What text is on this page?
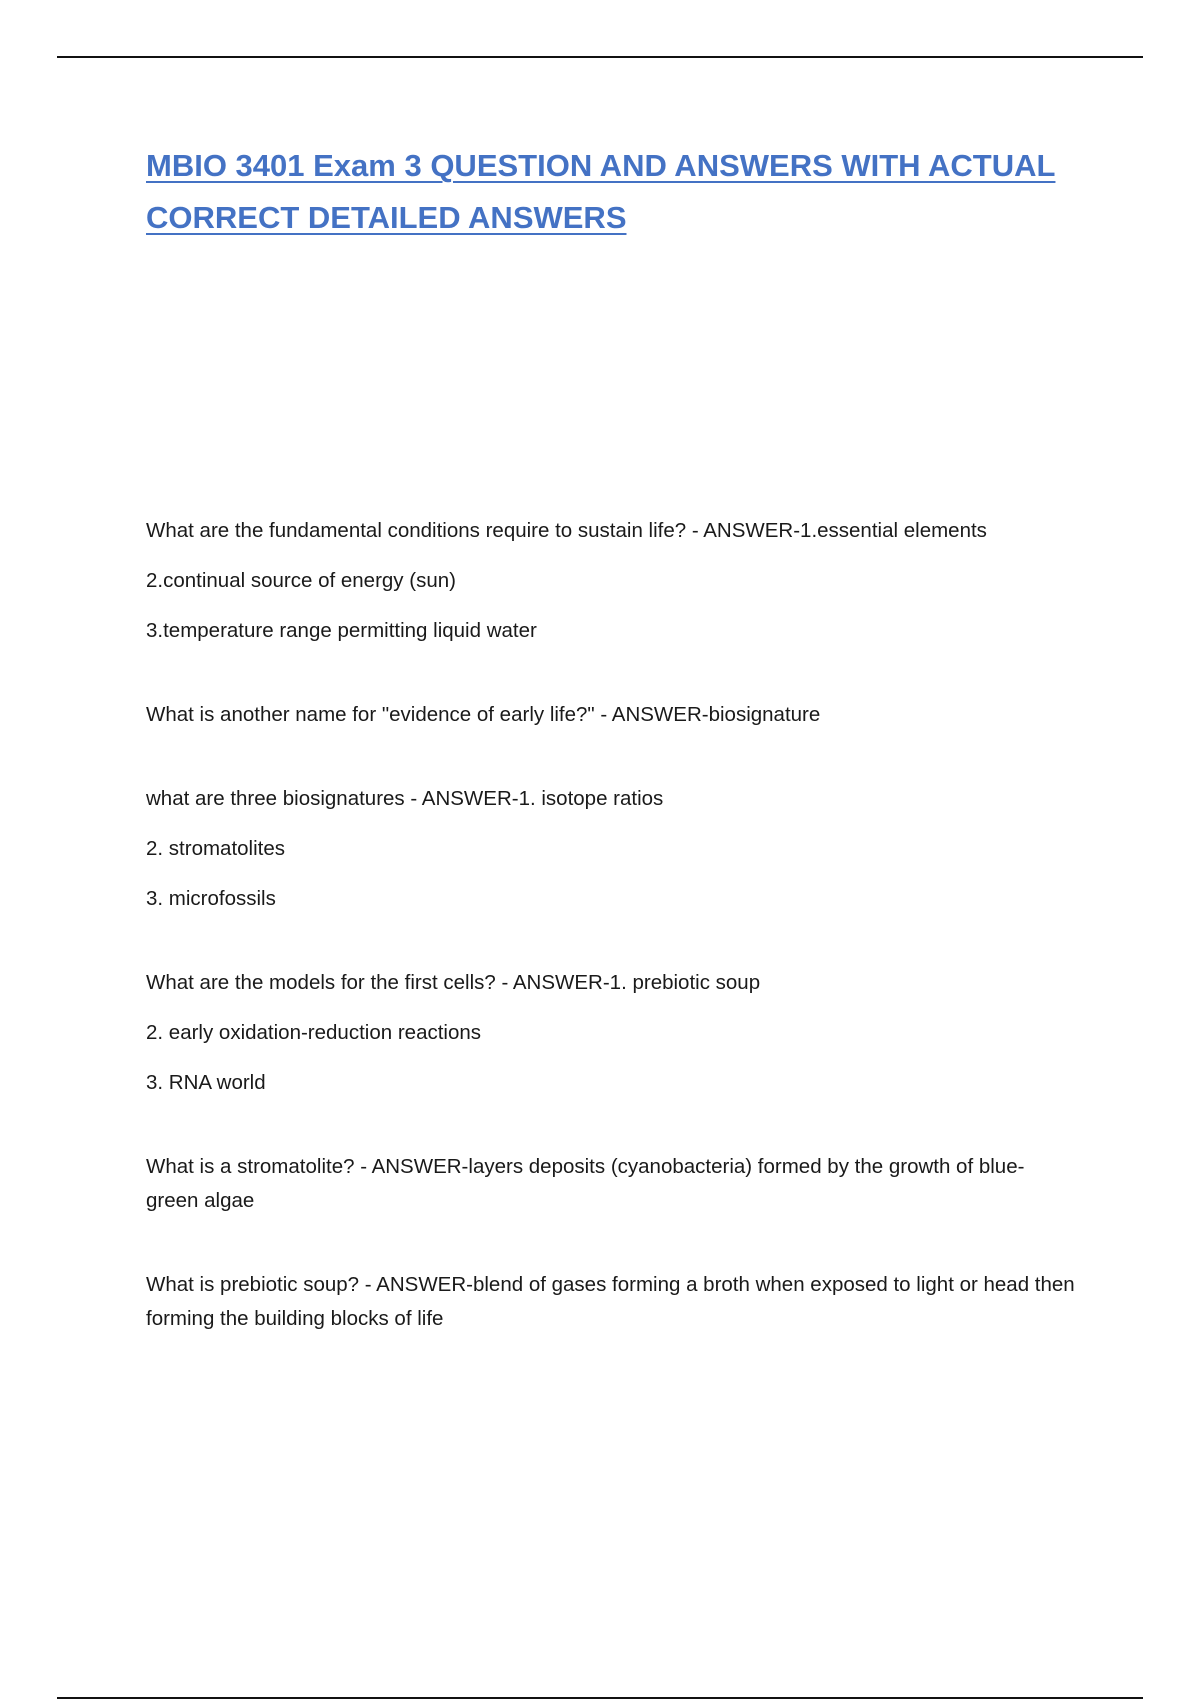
MBIO 3401 Exam 3 QUESTION AND ANSWERS WITH ACTUAL CORRECT DETAILED ANSWERS

What are the fundamental conditions require to sustain life? - ANSWER-1.essential elements

2.continual source of energy (sun)

3.temperature range permitting liquid water

What is another name for "evidence of early life?" - ANSWER-biosignature

what are three biosignatures - ANSWER-1. isotope ratios

2. stromatolites

3. microfossils

What are the models for the first cells? - ANSWER-1. prebiotic soup

2. early oxidation-reduction reactions

3. RNA world

What is a stromatolite? - ANSWER-layers deposits (cyanobacteria) formed by the growth of blue-green algae

What is prebiotic soup? - ANSWER-blend of gases forming a broth when exposed to light or head then forming the building blocks of life
